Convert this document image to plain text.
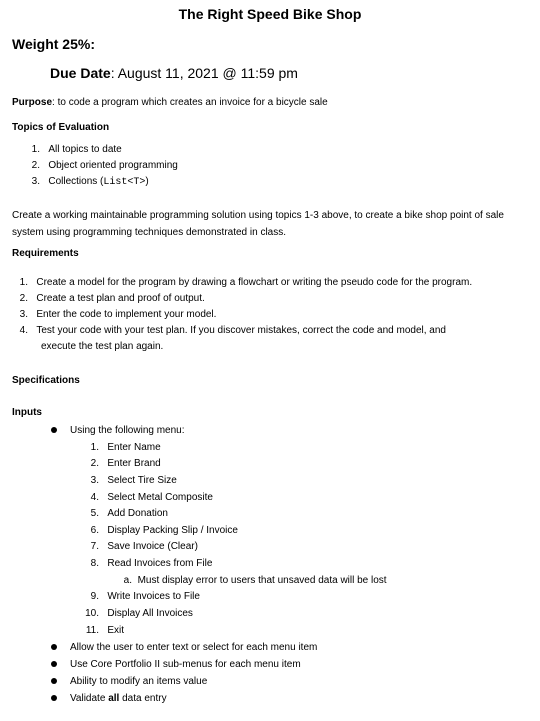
The Right Speed Bike Shop
Weight 25%:
Due Date: August 11, 2021 @ 11:59 pm
Purpose: to code a program which creates an invoice for a bicycle sale
Topics of Evaluation
1. All topics to date
2. Object oriented programming
3. Collections (List<T>)
Create a working maintainable programming solution using topics 1-3 above, to create a bike shop point of sale system using programming techniques demonstrated in class.
Requirements
1. Create a model for the program by drawing a flowchart or writing the pseudo code for the program.
2. Create a test plan and proof of output.
3. Enter the code to implement your model.
4. Test your code with your test plan. If you discover mistakes, correct the code and model, and
execute the test plan again.
Specifications
Inputs
Using the following menu:
1. Enter Name
2. Enter Brand
3. Select Tire Size
4. Select Metal Composite
5. Add Donation
6. Display Packing Slip / Invoice
7. Save Invoice (Clear)
8. Read Invoices from File
a. Must display error to users that unsaved data will be lost
9. Write Invoices to File
10. Display All Invoices
11. Exit
Allow the user to enter text or select for each menu item
Use Core Portfolio II sub-menus for each menu item
Ability to modify an items value
Validate all data entry
